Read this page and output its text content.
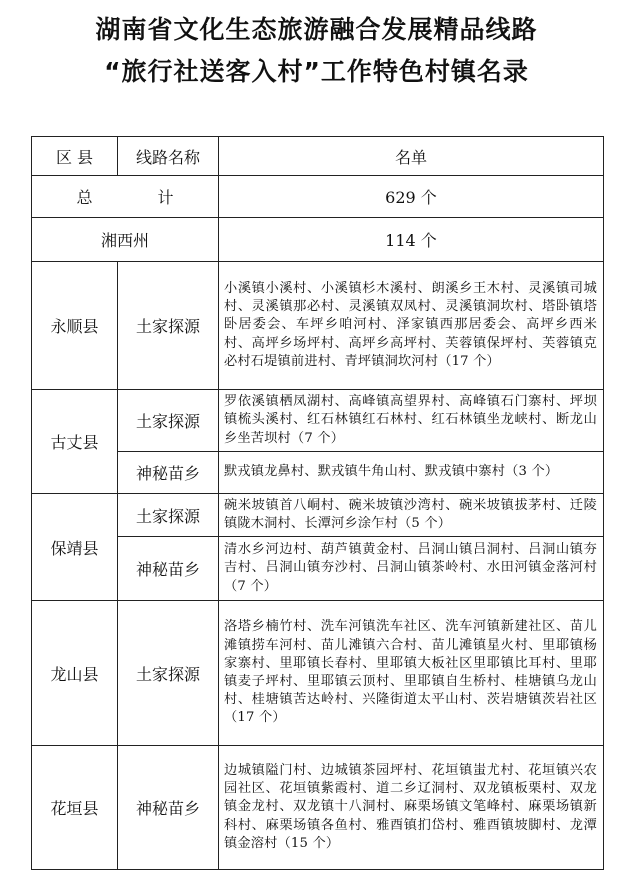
湖南省文化生态旅游融合发展精品线路
“旅行社送客入村”工作特色村镇名录
区 县	线路名称	名单
总 计		629 个
湘西州		114 个
永顺县	土家探源	小溪镇小溪村、小溪镇杉木溪村、朗溪乡王木村、灵溪镇司城村、灵溪镇那必村、灵溪镇双凤村、灵溪镇洞坎村、塔卧镇塔卧居委会、车坪乡咱河村、泽家镇西那居委会、高坪乡西米村、高坪乡场坪村、高坪乡高坪村、芙蓉镇保坪村、芙蓉镇克必村石堤镇前进村、青坪镇洞坎河村（17 个）
古丈县	土家探源	罗依溪镇栖凤湖村、高峰镇高望界村、高峰镇石门寨村、坪坝镇梳头溪村、红石林镇红石林村、红石林镇坐龙峡村、断龙山乡坐苦坝村（7 个）
	神秘苗乡	默戎镇龙鼻村、默戎镇牛角山村、默戎镇中寨村（3 个）
保靖县	土家探源	碗米坡镇首八峒村、碗米坡镇沙湾村、碗米坡镇拔茅村、迁陵镇陇木洞村、长潭河乡涂乍村（5 个）
	神秘苗乡	清水乡河边村、葫芦镇黄金村、吕洞山镇吕洞村、吕洞山镇夯吉村、吕洞山镇夯沙村、吕洞山镇茶岭村、水田河镇金落河村（7 个）
龙山县	土家探源	洛塔乡楠竹村、洗车河镇洗车社区、洗车河镇新建社区、苗儿滩镇捞车河村、苗儿滩镇六合村、苗儿滩镇星火村、里耶镇杨家寨村、里耶镇长春村、里耶镇大板社区里耶镇比耳村、里耶镇麦子坪村、里耶镇云顶村、里耶镇自生桥村、桂塘镇乌龙山村、桂塘镇苦达岭村、兴隆街道太平山村、茨岩塘镇茨岩社区（17 个）
花垣县	神秘苗乡	边城镇隘门村、边城镇茶园坪村、花垣镇蚩尤村、花垣镇兴农园社区、花垣镇紫霞村、道二乡辽洞村、双龙镇板栗村、双龙镇金龙村、双龙镇十八洞村、麻栗场镇文笔峰村、麻栗场镇新科村、麻栗场镇各鱼村、雅酉镇扪岱村、雅酉镇坡脚村、龙潭镇金溶村（15 个）
